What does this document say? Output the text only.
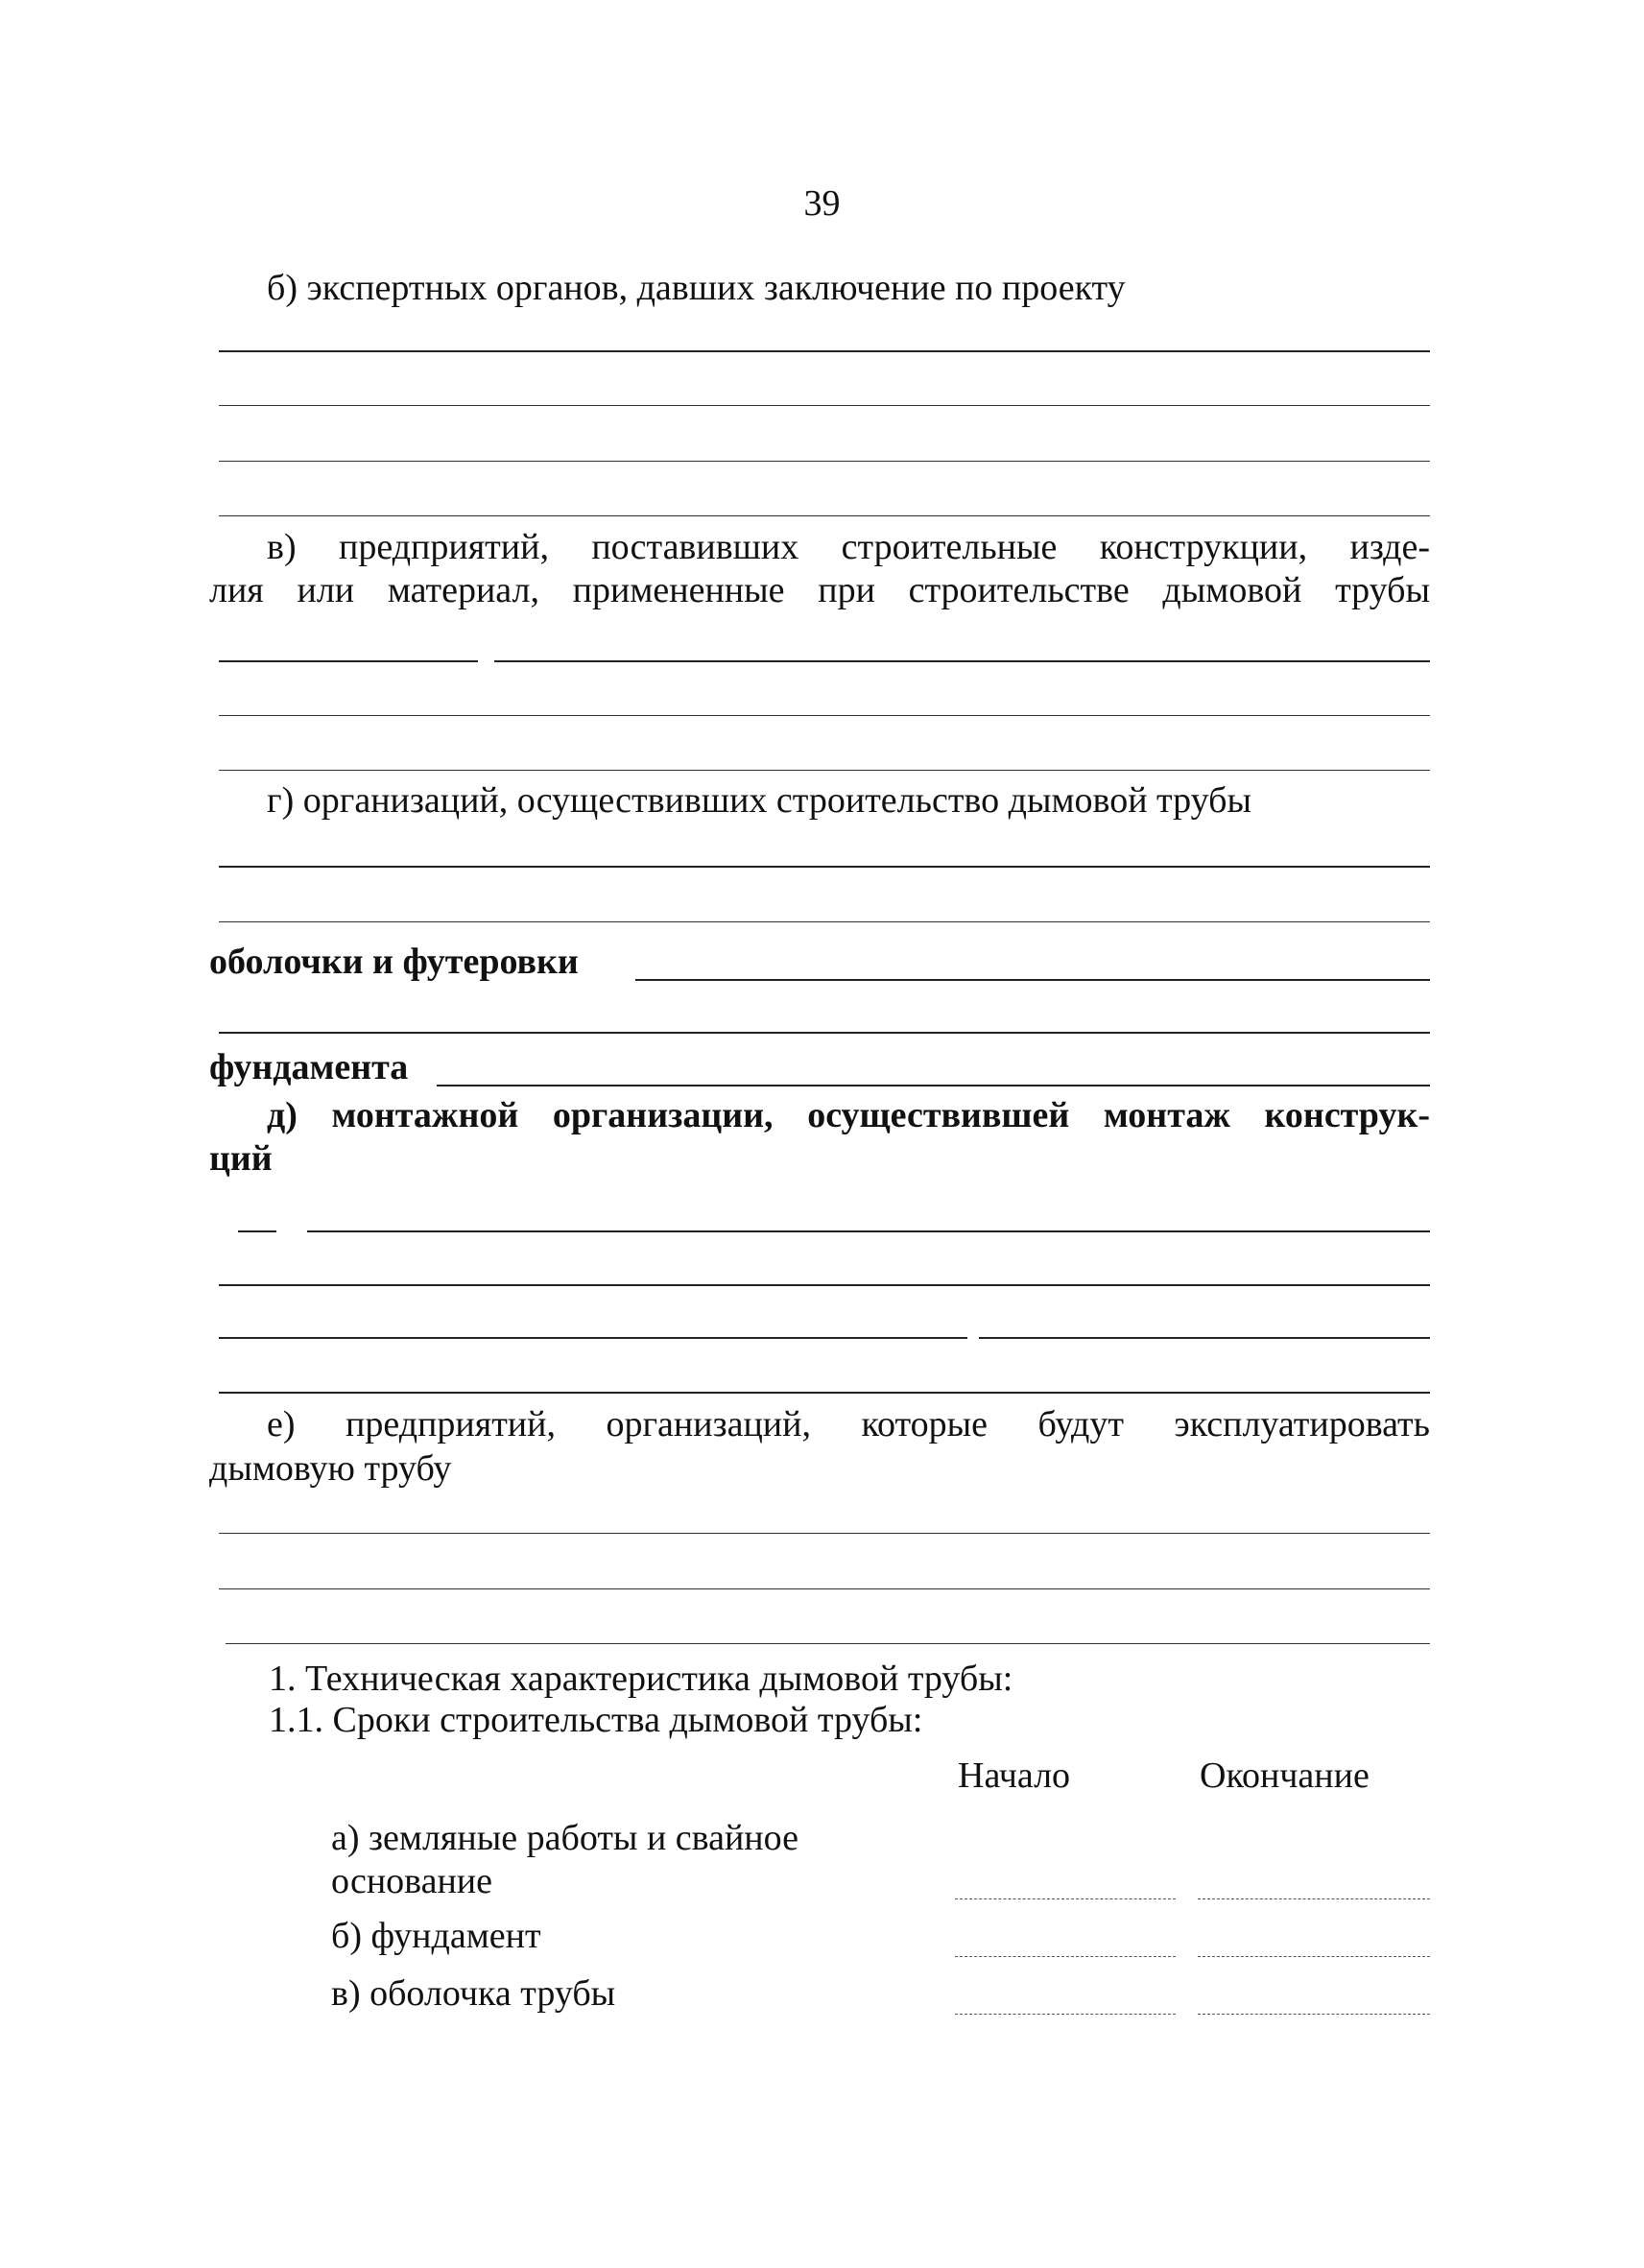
39
б) экспертных органов, давших заключение по проекту
в) предприятий, поставивших строительные конструкции, изде-
лия или материал, примененные при строительстве дымовой трубы
г) организаций, осуществивших строительство дымовой трубы
оболочки и футеровки
фундамента
д) монтажной организации, осуществившей монтаж конструк-
ций
е) предприятий, организаций, которые будут эксплуатировать
дымовую трубу
1. Техническая характеристика дымовой трубы:
1.1. Сроки строительства дымовой трубы:
Начало	Окончание
а) земляные работы и свайное
основание
б) фундамент
в) оболочка трубы
